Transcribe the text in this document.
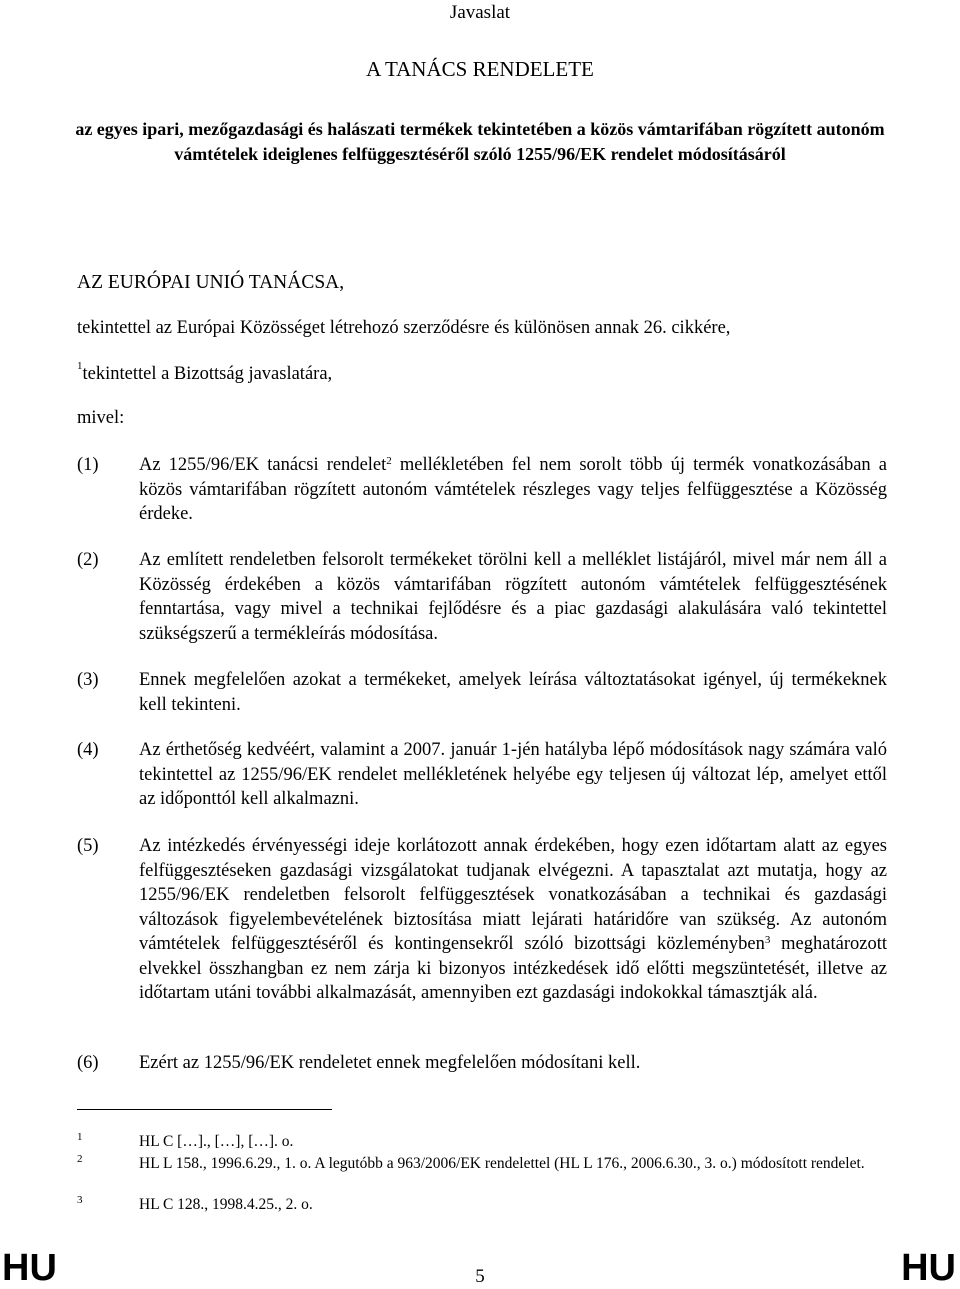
Javaslat
A TANÁCS RENDELETE
az egyes ipari, mezőgazdasági és halászati termékek tekintetében a közös vámtarifában rögzített autonóm vámtételek ideiglenes felfüggesztéséről szóló 1255/96/EK rendelet módosításáról
AZ EURÓPAI UNIÓ TANÁCSA,
tekintettel az Európai Közösséget létrehozó szerződésre és különösen annak 26. cikkére,
$^1$tekintettel a Bizottság javaslatára,
mivel:
(1) Az 1255/96/EK tanácsi rendelet$^2$ mellékletében fel nem sorolt több új termék vonatkozásában a közös vámtarifában rögzített autonóm vámtételek részleges vagy teljes felfüggesztése a Közösség érdeke.
(2) Az említett rendeletben felsorolt termékeket törölni kell a melléklet listájáról, mivel már nem áll a Közösség érdekében a közös vámtarifában rögzített autonóm vámtételek felfüggesztésének fenntartása, vagy mivel a technikai fejlődésre és a piac gazdasági alakulására való tekintettel szükségszerű a termékleírás módosítása.
(3) Ennek megfelelően azokat a termékeket, amelyek leírása változtatásokat igényel, új termékeknek kell tekinteni.
(4) Az érthetőség kedvéért, valamint a 2007. január 1-jén hatályba lépő módosítások nagy számára való tekintettel az 1255/96/EK rendelet mellékletének helyébe egy teljesen új változat lép, amelyet ettől az időponttól kell alkalmazni.
(5) Az intézkedés érvényességi ideje korlátozott annak érdekében, hogy ezen időtartam alatt az egyes felfüggesztéseken gazdasági vizsgálatokat tudjanak elvégezni. A tapasztalat azt mutatja, hogy az 1255/96/EK rendeletben felsorolt felfüggesztések vonatkozásában a technikai és gazdasági változások figyelembevételének biztosítása miatt lejárati határidőre van szükség. Az autonóm vámtételek felfüggesztéséről és kontingensekről szóló bizottsági közleményben$^3$ meghatározott elvekkel összhangban ez nem zárja ki bizonyos intézkedések idő előtti megszüntetését, illetve az időtartam utáni további alkalmazását, amennyiben ezt gazdasági indokokkal támasztják alá.
(6) Ezért az 1255/96/EK rendeletet ennek megfelelően módosítani kell.
1	HL C […]., […], […]. o.
2	HL L 158., 1996.6.29., 1. o. A legutóbb a 963/2006/EK rendelettel (HL L 176., 2006.6.30., 3. o.) módosított rendelet.
3	HL C 128., 1998.4.25., 2. o.
HU	5	HU
